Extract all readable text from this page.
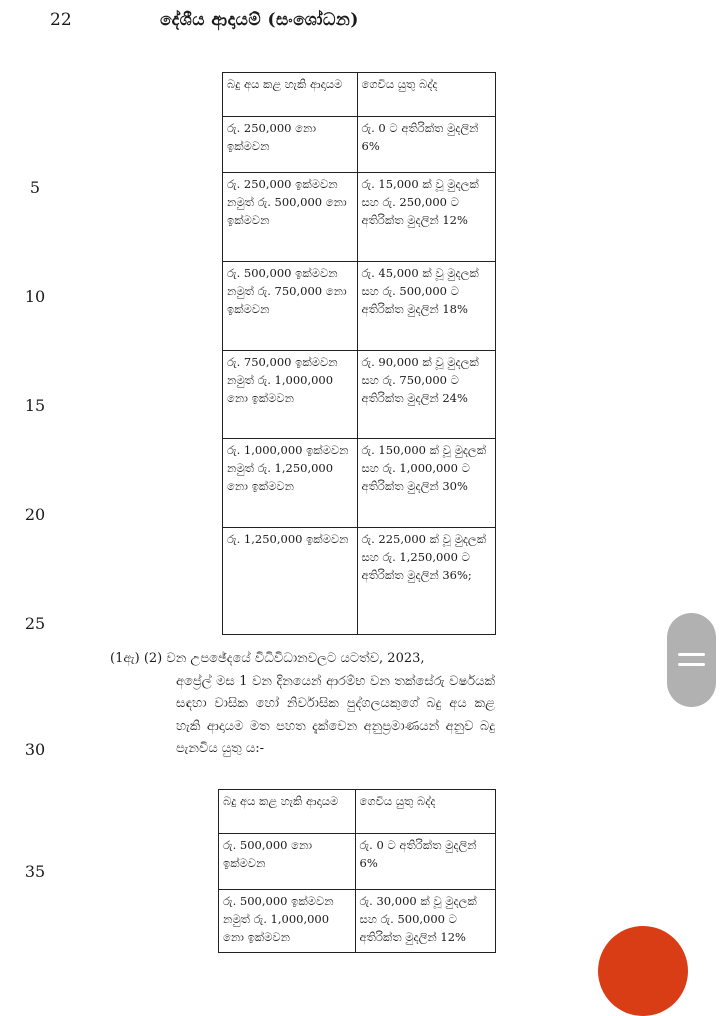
22	දේශීය ආදායම් (සංශෝධන)
5
10
15
20
25
30
35
බදු අය කළ හැකි ආදායම	ගෙවිය යුතු බද්ද
රු. 250,000 නො ඉක්මවන	රු. 0 ට අතිරික්ත මුදලින් 6%
රු. 250,000 ඉක්මවන නමුත් රු. 500,000 නො ඉක්මවන	රු. 15,000 ක් වූ මුදලක් සහ රු. 250,000 ට අතිරික්ත මුදලින් 12%
රු. 500,000 ඉක්මවන නමුත් රු. 750,000 නො ඉක්මවන	රු. 45,000 ක් වූ මුදලක් සහ රු. 500,000 ට අතිරික්ත මුදලින් 18%
රු. 750,000 ඉක්මවන නමුත් රු. 1,000,000 නො ඉක්මවන	රු. 90,000 ක් වූ මුදලක් සහ රු. 750,000 ට අතිරික්ත මුදලින් 24%
රු. 1,000,000 ඉක්මවන නමුත් රු. 1,250,000 නො ඉක්මවන	රු. 150,000 ක් වූ මුදලක් සහ රු. 1,000,000 ට අතිරික්ත මුදලින් 30%
රු. 1,250,000 ඉක්මවන	රු. 225,000 ක් වූ මුදලක් සහ රු. 1,250,000 ට අතිරික්ත මුදලින් 36%;
(1ඇ) (2) වන උපඡේදයේ විධිවිධානවලට යටත්ව, 2023,
අප්‍රේල් මස 1 වන දිනයෙන් ආරම්භ වන තක්සේරු වර්ෂයක් සඳහා වාසික හෝ නිර්වාසික පුද්ගලයකුගේ බදු අය කළ හැකි ආදායම මත පහත දැක්වෙන අනුප්‍රමාණයන් අනුව බදු පැනවිය යුතු ය:-
බදු අය කළ හැකි ආදායම	ගෙවිය යුතු බද්ද
රු. 500,000 නො ඉක්මවන	රු. 0 ට අතිරික්ත මුදලින් 6%
රු. 500,000 ඉක්මවන නමුත් රු. 1,000,000 නො ඉක්මවන	රු. 30,000 ක් වූ මුදලක් සහ රු. 500,000 ට අතිරික්ත මුදලින් 12%
